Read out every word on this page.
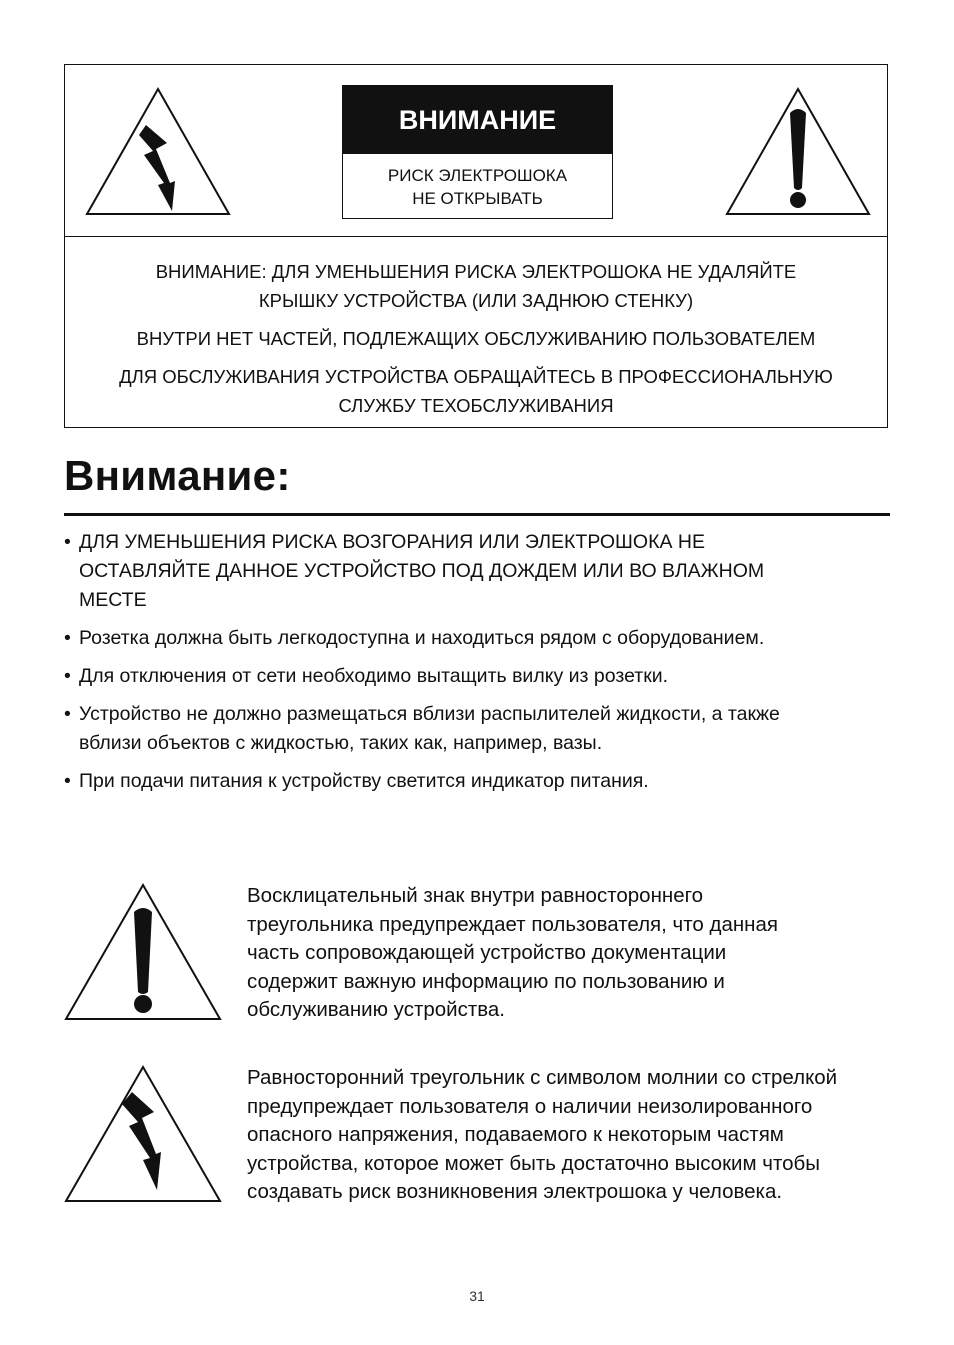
ВНИМАНИЕ
РИСК ЭЛЕКТРОШОКА
НЕ ОТКРЫВАТЬ

ВНИМАНИЕ: ДЛЯ УМЕНЬШЕНИЯ РИСКА ЭЛЕКТРОШОКА НЕ УДАЛЯЙТЕ

КРЫШКУ УСТРОЙСТВА (ИЛИ ЗАДНЮЮ СТЕНКУ)

ВНУТРИ НЕТ ЧАСТЕЙ, ПОДЛЕЖАЩИХ ОБСЛУЖИВАНИЮ ПОЛЬЗОВАТЕЛЕМ

ДЛЯ ОБСЛУЖИВАНИЯ УСТРОЙСТВА ОБРАЩАЙТЕСЬ В ПРОФЕССИОНАЛЬНУЮ

СЛУЖБУ ТЕХОБСЛУЖИВАНИЯ

Внимание:
• ДЛЯ УМЕНЬШЕНИЯ РИСКА ВОЗГОРАНИЯ ИЛИ ЭЛЕКТРОШОКА НЕ
ОСТАВЛЯЙТЕ ДАННОЕ УСТРОЙСТВО ПОД ДОЖДЕМ ИЛИ ВО ВЛАЖНОМ
МЕСТЕ
• Розетка должна быть легкодоступна и находиться рядом с оборудованием.
• Для отключения от сети необходимо вытащить вилку из розетки.
• Устройство не должно размещаться вблизи распылителей жидкости, а также
вблизи объектов с жидкостью, таких как, например, вазы.
• При подачи питания к устройству светится индикатор питания.
Восклицательный знак внутри равностороннего
треугольника предупреждает пользователя, что данная
часть сопровождающей устройство документации
содержит важную информацию по пользованию и
обслуживанию устройства.
Равносторонний треугольник с символом молнии со стрелкой
предупреждает пользователя о наличии неизолированного
опасного напряжения, подаваемого к некоторым частям
устройства, которое может быть достаточно высоким чтобы
создавать риск возникновения электрошока у человека.
31
